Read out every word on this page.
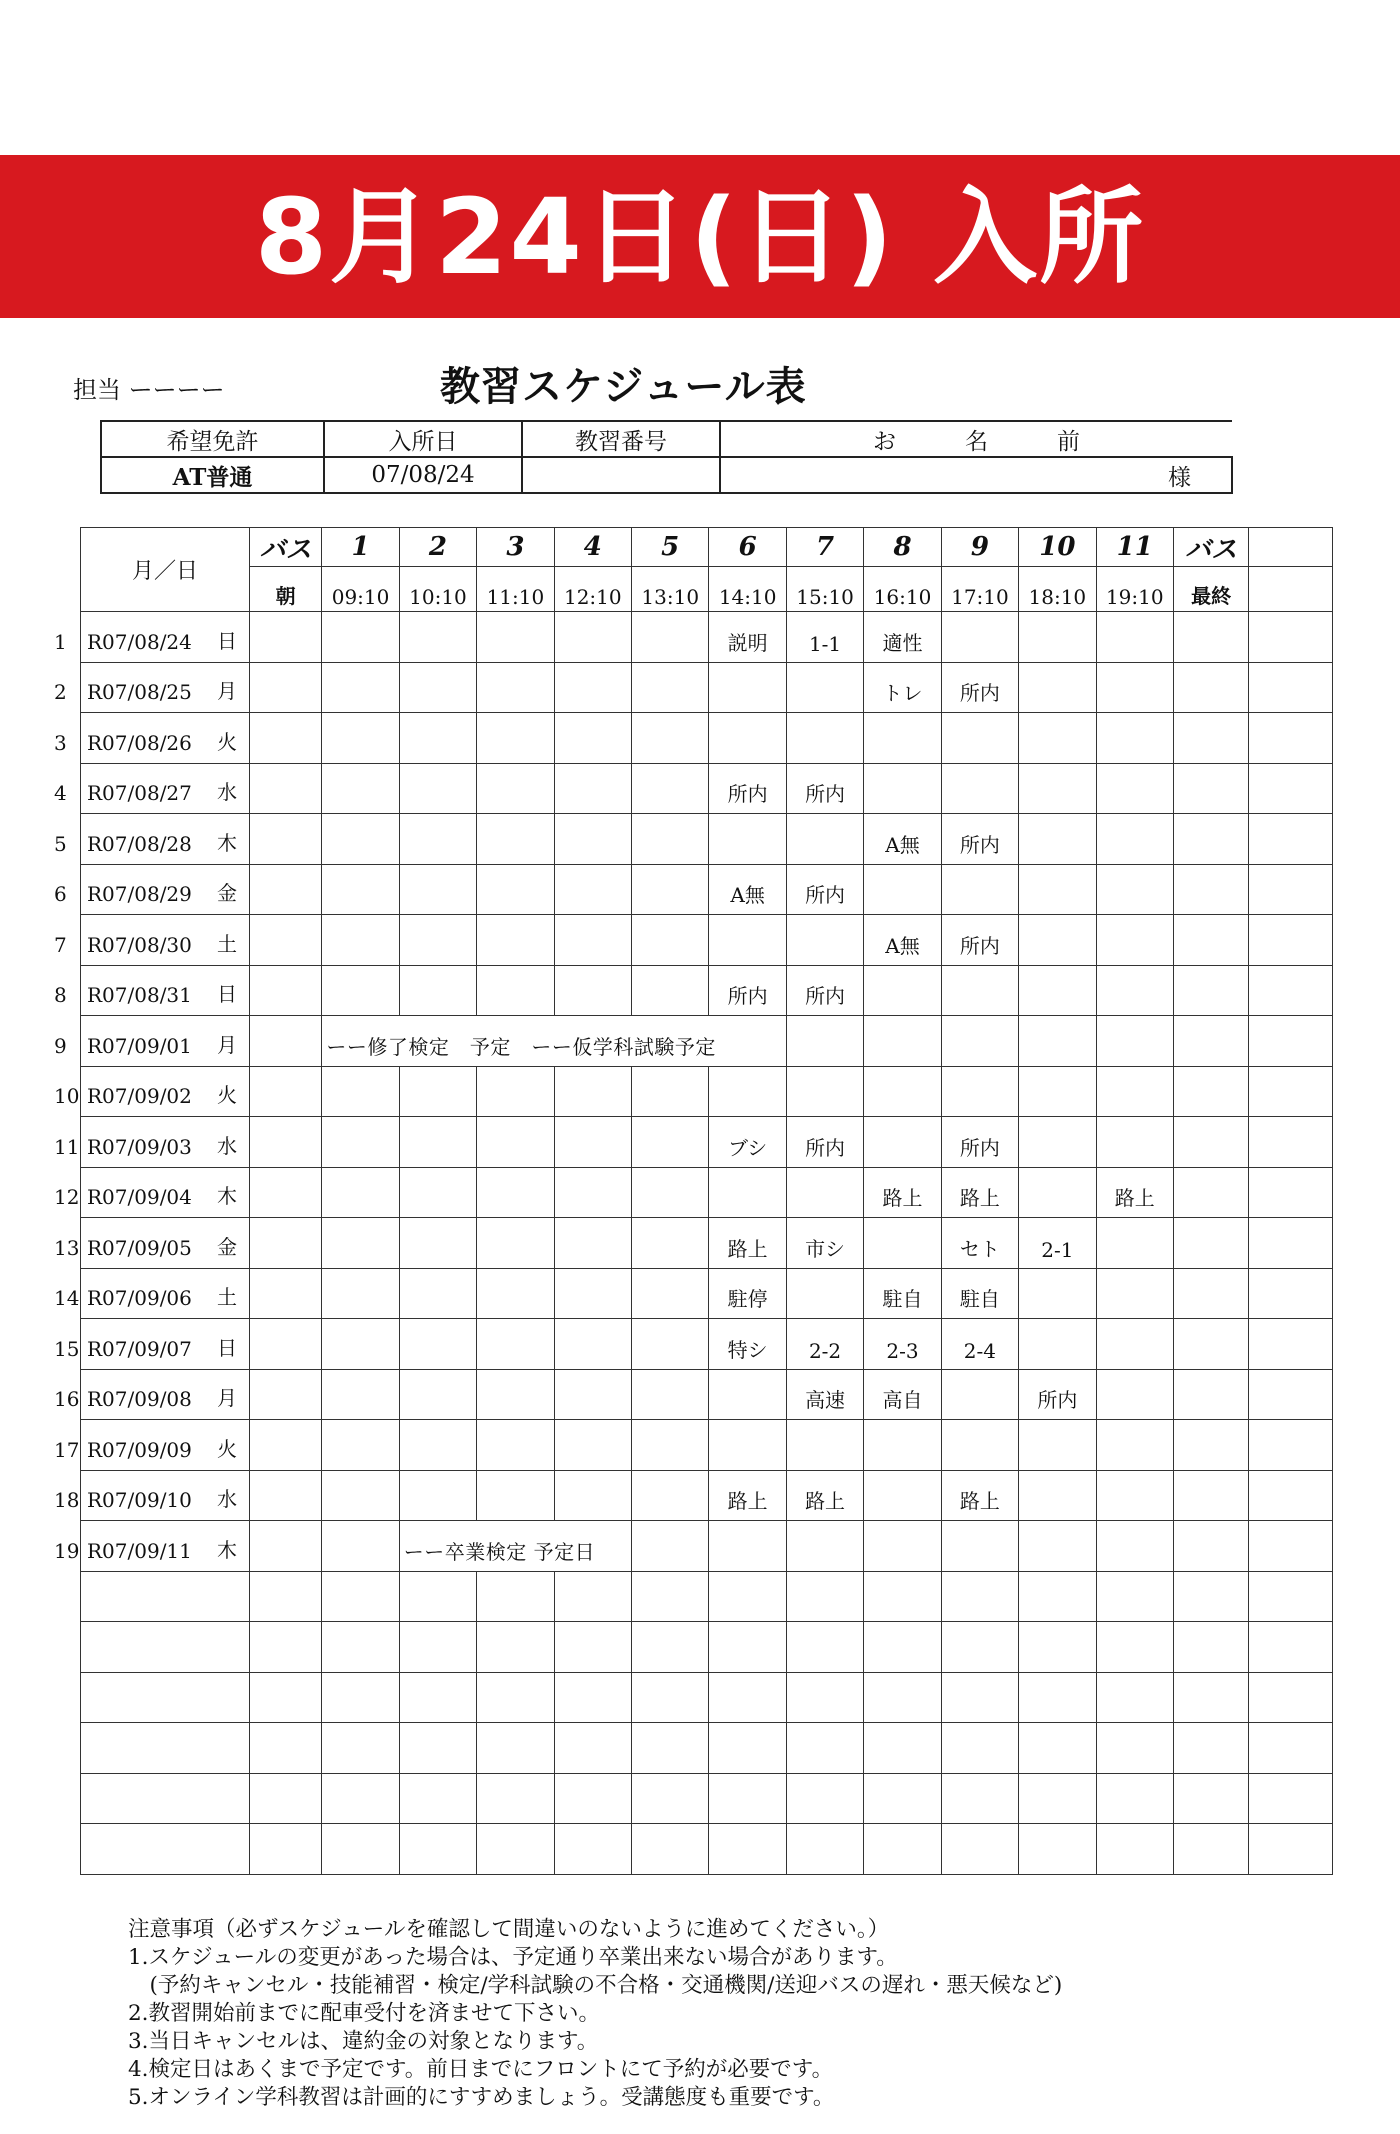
8月24日(日) 入所
担当 ーーーー	教習スケジュール表
希望免許	入所日	教習番号	お　　　名　　　前
AT普通	07/08/24		様
月／日	バス	1	2	3	4	5	6	7	8	9	10	11	バス	
	朝	09:10	10:10	11:10	12:10	13:10	14:10	15:10	16:10	17:10	18:10	19:10	最終	

1 R07/08/24 日							説明	1-1	適性					

2 R07/08/25 月									トレ	所内				

3 R07/08/26 火														

4 R07/08/27 水							所内	所内						

5 R07/08/28 木									A無	所内				

6 R07/08/29 金							A無	所内						

7 R07/08/30 土									A無	所内				

8 R07/08/31 日							所内	所内						

9 R07/09/01 月		ーー修了検定　予定　ーー仮学科試験予定												

10 R07/09/02 火														

11 R07/09/03 水							ブシ	所内		所内				

12 R07/09/04 木									路上	路上		路上		

13 R07/09/05 金							路上	市シ		セト	2-1			

14 R07/09/06 土							駐停		駐自	駐自				

15 R07/09/07 日							特シ	2-2	2-3	2-4				

16 R07/09/08 月								高速	高自		所内			

17 R07/09/09 火														

18 R07/09/10 水							路上	路上		路上				

19 R07/09/11 木			ーー卒業検定 予定日											

注意事項（必ずスケジュールを確認して間違いのないように進めてください。）
1.スケジュールの変更があった場合は、予定通り卒業出来ない場合があります。
　(予約キャンセル・技能補習・検定/学科試験の不合格・交通機関/送迎バスの遅れ・悪天候など)
2.教習開始前までに配車受付を済ませて下さい。
3.当日キャンセルは、違約金の対象となります。
4.検定日はあくまで予定です。前日までにフロントにて予約が必要です。
5.オンライン学科教習は計画的にすすめましょう。受講態度も重要です。
